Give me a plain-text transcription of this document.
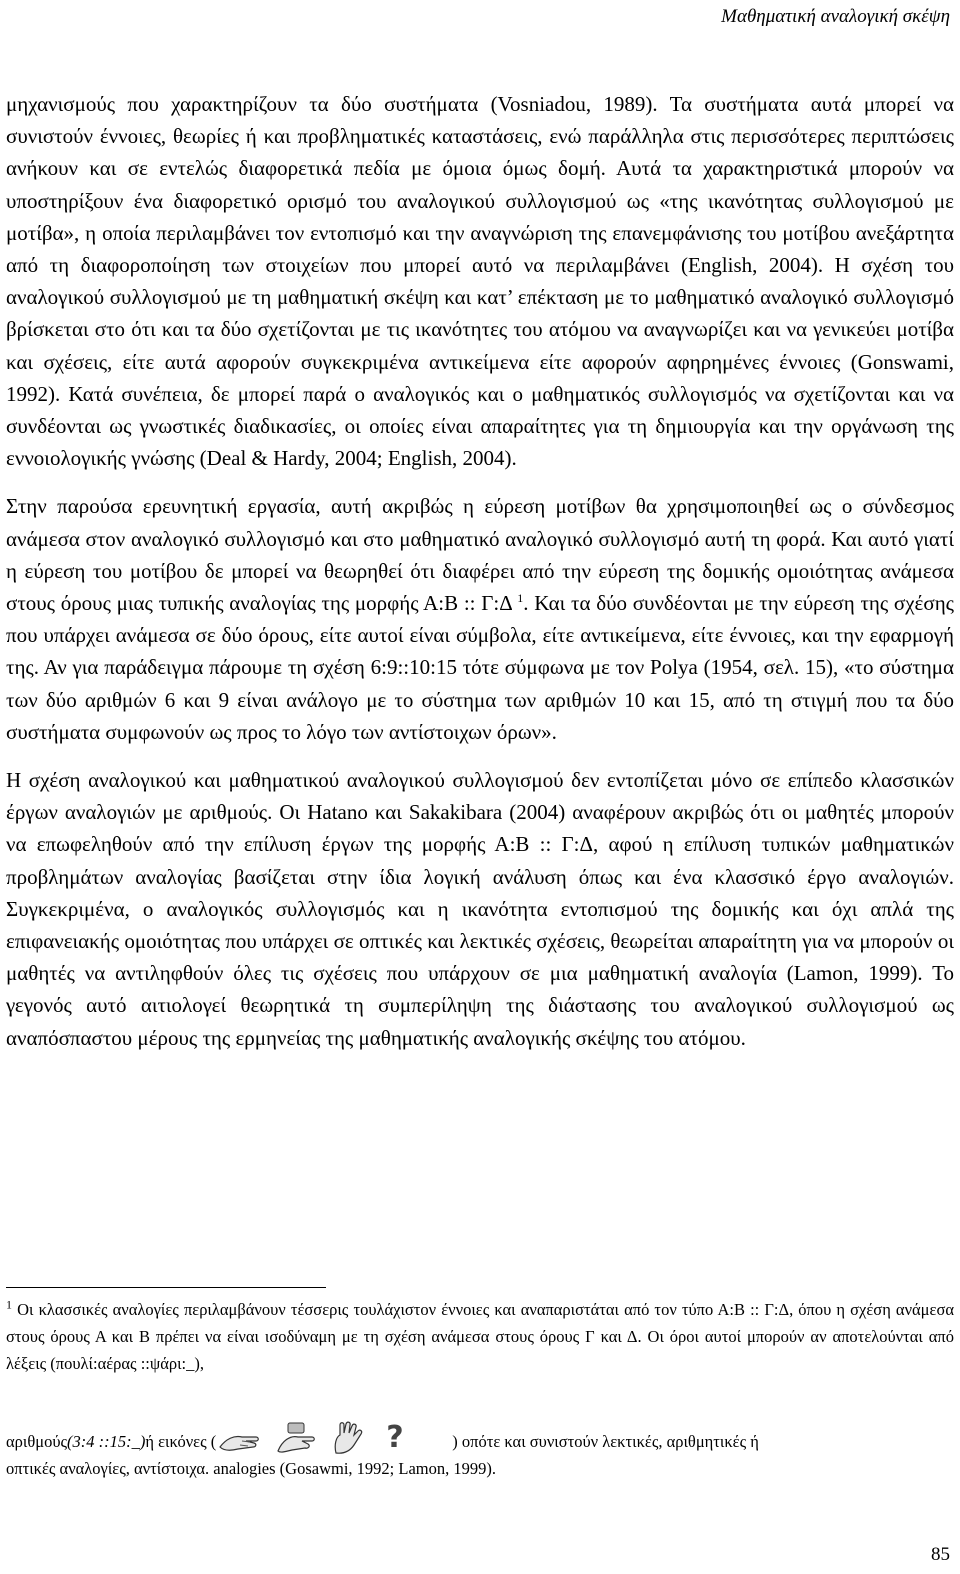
Μαθηματική αναλογική σκέψη

μηχανισμούς που χαρακτηρίζουν τα δύο συστήματα (Vosniadou, 1989). Τα συστήματα αυτά μπορεί να συνιστούν έννοιες, θεωρίες ή και προβληματικές καταστάσεις, ενώ παράλληλα στις περισσότερες περιπτώσεις ανήκουν και σε εντελώς διαφορετικά πεδία με όμοια όμως δομή. Αυτά τα χαρακτηριστικά μπορούν να υποστηρίξουν ένα διαφορετικό ορισμό του αναλογικού συλλογισμού ως «της ικανότητας συλλογισμού με μοτίβα», η οποία περιλαμβάνει τον εντοπισμό και την αναγνώριση της επανεμφάνισης του μοτίβου ανεξάρτητα από τη διαφοροποίηση των στοιχείων που μπορεί αυτό να περιλαμβάνει (English, 2004). Η σχέση του αναλογικού συλλογισμού με τη μαθηματική σκέψη και κατ’ επέκταση με το μαθηματικό αναλογικό συλλογισμό βρίσκεται στο ότι και τα δύο σχετίζονται με τις ικανότητες του ατόμου να αναγνωρίζει και να γενικεύει μοτίβα και σχέσεις, είτε αυτά αφορούν συγκεκριμένα αντικείμενα είτε αφορούν αφηρημένες έννοιες (Gonswami, 1992). Κατά συνέπεια, δε μπορεί παρά ο αναλογικός και ο μαθηματικός συλλογισμός να σχετίζονται και να συνδέονται ως γνωστικές διαδικασίες, οι οποίες είναι απαραίτητες για τη δημιουργία και την οργάνωση της εννοιολογικής γνώσης (Deal & Hardy, 2004; English, 2004).

Στην παρούσα ερευνητική εργασία, αυτή ακριβώς η εύρεση μοτίβων θα χρησιμοποιηθεί ως ο σύνδεσμος ανάμεσα στον αναλογικό συλλογισμό και στο μαθηματικό αναλογικό συλλογισμό αυτή τη φορά. Και αυτό γιατί η εύρεση του μοτίβου δε μπορεί να θεωρηθεί ότι διαφέρει από την εύρεση της δομικής ομοιότητας ανάμεσα στους όρους μιας τυπικής αναλογίας της μορφής Α:Β :: Γ:Δ $^1$. Και τα δύο συνδέονται με την εύρεση της σχέσης που υπάρχει ανάμεσα σε δύο όρους, είτε αυτοί είναι σύμβολα, είτε αντικείμενα, είτε έννοιες, και την εφαρμογή της. Αν για παράδειγμα πάρουμε τη σχέση 6:9::10:15 τότε σύμφωνα με τον Polya (1954, σελ. 15), «το σύστημα των δύο αριθμών 6 και 9 είναι ανάλογο με το σύστημα των αριθμών 10 και 15, από τη στιγμή που τα δύο συστήματα συμφωνούν ως προς το λόγο των αντίστοιχων όρων».

Η σχέση αναλογικού και μαθηματικού αναλογικού συλλογισμού δεν εντοπίζεται μόνο σε επίπεδο κλασσικών έργων αναλογιών με αριθμούς. Οι Hatano και Sakakibara (2004) αναφέρουν ακριβώς ότι οι μαθητές μπορούν να επωφεληθούν από την επίλυση έργων της μορφής Α:Β :: Γ:Δ, αφού η επίλυση τυπικών μαθηματικών προβλημάτων αναλογίας βασίζεται στην ίδια λογική ανάλυση όπως και ένα κλασσικό έργο αναλογιών. Συγκεκριμένα, ο αναλογικός συλλογισμός και η ικανότητα εντοπισμού της δομικής και όχι απλά της επιφανειακής ομοιότητας που υπάρχει σε οπτικές και λεκτικές σχέσεις, θεωρείται απαραίτητη για να μπορούν οι μαθητές να αντιληφθούν όλες τις σχέσεις που υπάρχουν σε μια μαθηματική αναλογία (Lamon, 1999). Το γεγονός αυτό αιτιολογεί θεωρητικά τη συμπερίληψη της διάστασης του αναλογικού συλλογισμού ως αναπόσπαστου μέρους της ερμηνείας της μαθηματικής αναλογικής σκέψης του ατόμου.

$^1$ Οι κλασσικές αναλογίες περιλαμβάνουν τέσσερις τουλάχιστον έννοιες και αναπαριστάται από τον τύπο Α:Β :: Γ:Δ, όπου η σχέση ανάμεσα στους όρους Α και Β πρέπει να είναι ισοδύναμη με τη σχέση ανάμεσα στους όρους Γ και Δ. Οι όροι αυτοί μπορούν αν αποτελούνται από λέξεις (πουλί:αέρας ::ψάρι:_),

αριθμούς (3:4 ::15:_) ή εικόνες (	?	) οπότε και συνιστούν λεκτικές, αριθμητικές ή

οπτικές αναλογίες, αντίστοιχα. analogies (Gosawmi, 1992; Lamon, 1999).

85
